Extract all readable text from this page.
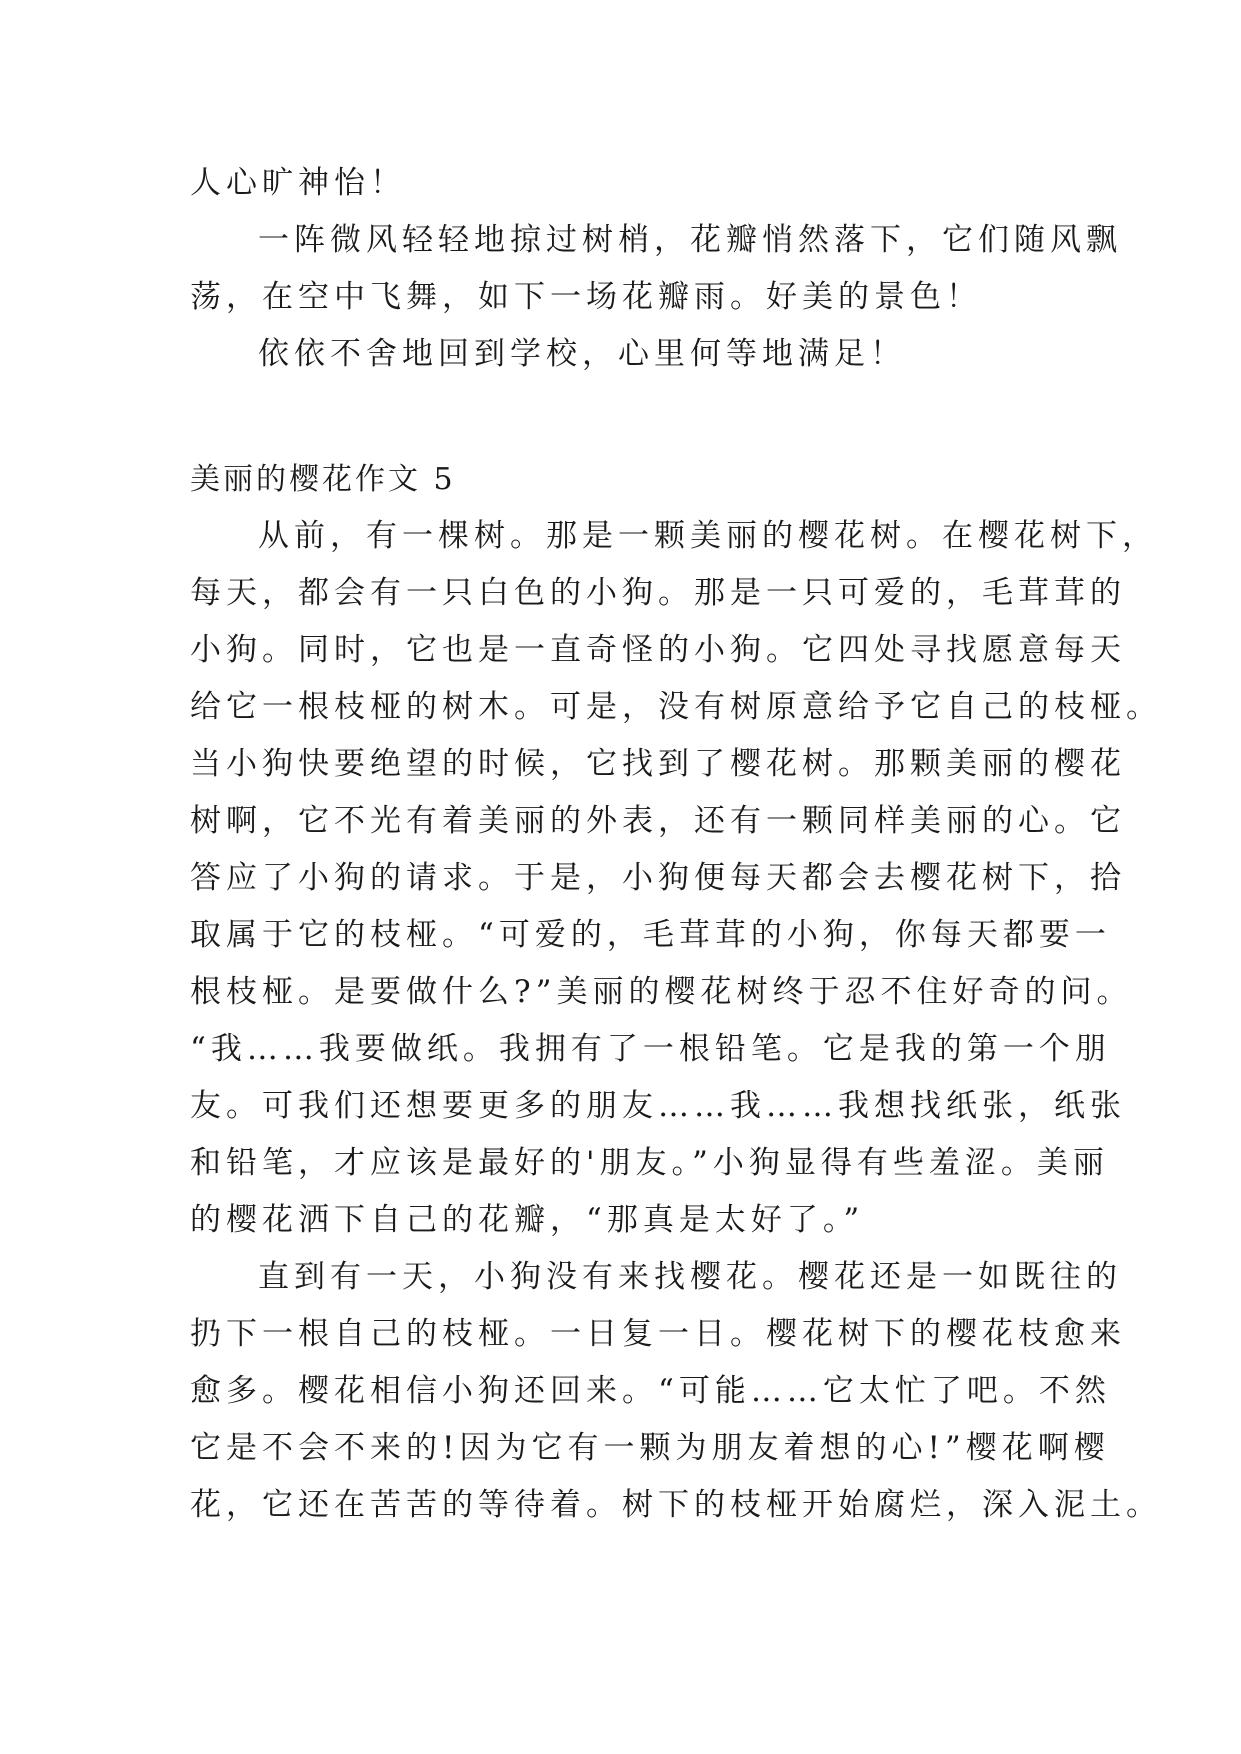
人心旷神怡！
一阵微风轻轻地掠过树梢，花瓣悄然落下，它们随风飘
荡，在空中飞舞，如下一场花瓣雨。好美的景色！
依依不舍地回到学校，心里何等地满足！
美丽的樱花作文 5
从前，有一棵树。那是一颗美丽的樱花树。在樱花树下，
每天，都会有一只白色的小狗。那是一只可爱的，毛茸茸的
小狗。同时，它也是一直奇怪的小狗。它四处寻找愿意每天
给它一根枝桠的树木。可是，没有树原意给予它自己的枝桠。
当小狗快要绝望的时候，它找到了樱花树。那颗美丽的樱花
树啊，它不光有着美丽的外表，还有一颗同样美丽的心。它
答应了小狗的请求。于是，小狗便每天都会去樱花树下，拾
取属于它的枝桠。“可爱的，毛茸茸的小狗，你每天都要一
根枝桠。是要做什么?”美丽的樱花树终于忍不住好奇的问。
“我……我要做纸。我拥有了一根铅笔。它是我的第一个朋
友。可我们还想要更多的朋友……我……我想找纸张，纸张
和铅笔，才应该是最好的'朋友。”小狗显得有些羞涩。美丽
的樱花洒下自己的花瓣，“那真是太好了。”
直到有一天，小狗没有来找樱花。樱花还是一如既往的
扔下一根自己的枝桠。一日复一日。樱花树下的樱花枝愈来
愈多。樱花相信小狗还回来。“可能……它太忙了吧。不然
它是不会不来的!因为它有一颗为朋友着想的心!”樱花啊樱
花，它还在苦苦的等待着。树下的枝桠开始腐烂，深入泥土。
